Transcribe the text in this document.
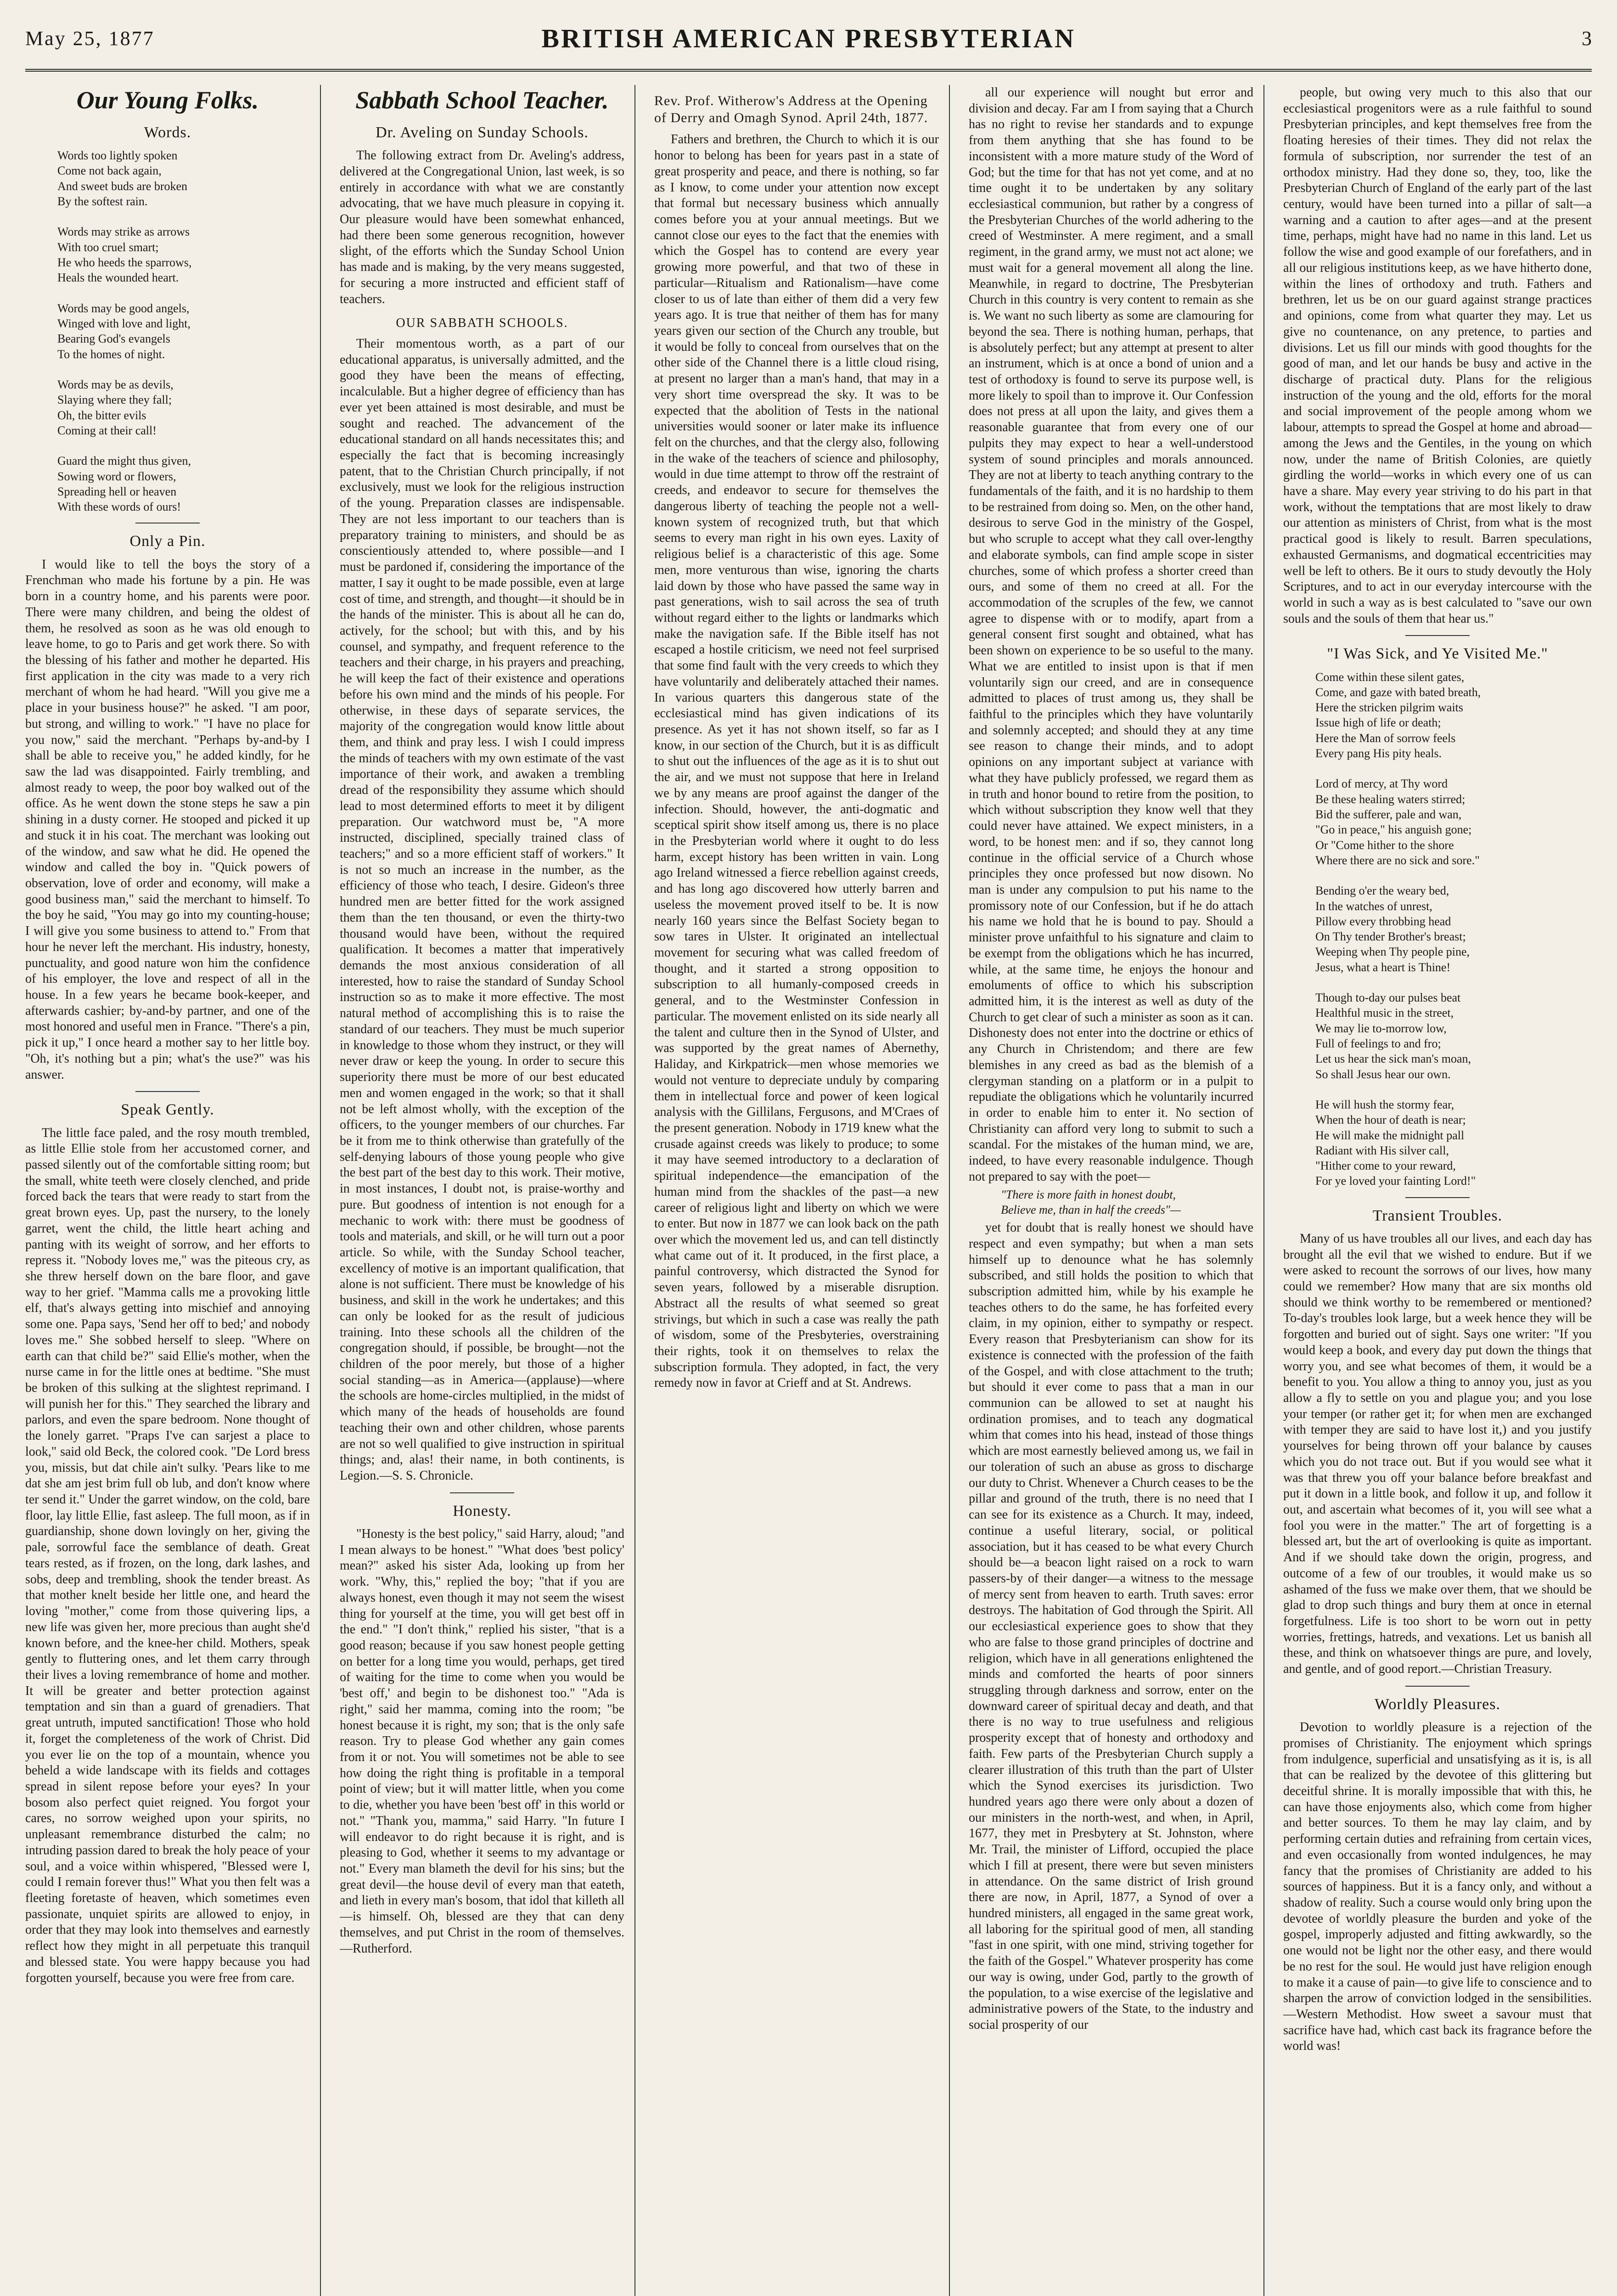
May 25, 1877	BRITISH AMERICAN PRESBYTERIAN	3
Our Young Folks.
Words.
Words too lightly spoken
Come not back again,
And sweet buds are broken
By the softest rain.

Words may strike as arrows
With too cruel smart;
He who heeds the sparrows,
Heals the wounded heart.

Words may be good angels,
Winged with love and light,
Bearing God's evangels
To the homes of night.

Words may be as devils,
Slaying where they fall;
Oh, the bitter evils
Coming at their call!

Guard the might thus given,
Sowing word or flowers,
Spreading hell or heaven
With these words of ours!
Only a Pin.

I would like to tell the boys the story of a Frenchman who made his fortune by a pin. He was born in a country home, and his parents were poor. There were many children, and being the oldest of them, he resolved as soon as he was old enough to leave home, to go to Paris and get work there. So with the blessing of his father and mother he departed. His first application in the city was made to a very rich merchant of whom he had heard. "Will you give me a place in your business house?" he asked. "I am poor, but strong, and willing to work." "I have no place for you now," said the merchant. "Perhaps by-and-by I shall be able to receive you," he added kindly, for he saw the lad was disappointed. Fairly trembling, and almost ready to weep, the poor boy walked out of the office. As he went down the stone steps he saw a pin shining in a dusty corner. He stooped and picked it up and stuck it in his coat. The merchant was looking out of the window, and saw what he did. He opened the window and called the boy in. "Quick powers of observation, love of order and economy, will make a good business man," said the merchant to himself. To the boy he said, "You may go into my counting-house; I will give you some business to attend to." From that hour he never left the merchant. His industry, honesty, punctuality, and good nature won him the confidence of his employer, the love and respect of all in the house. In a few years he became book-keeper, and afterwards cashier; by-and-by partner, and one of the most honored and useful men in France. "There's a pin, pick it up," I once heard a mother say to her little boy. "Oh, it's nothing but a pin; what's the use?" was his answer.

Speak Gently.

The little face paled, and the rosy mouth trembled, as little Ellie stole from her accustomed corner, and passed silently out of the comfortable sitting room; but the small, white teeth were closely clenched, and pride forced back the tears that were ready to start from the great brown eyes. Up, past the nursery, to the lonely garret, went the child, the little heart aching and panting with its weight of sorrow, and her efforts to repress it. "Nobody loves me," was the piteous cry, as she threw herself down on the bare floor, and gave way to her grief. "Mamma calls me a provoking little elf, that's always getting into mischief and annoying some one. Papa says, 'Send her off to bed;' and nobody loves me." She sobbed herself to sleep. "Where on earth can that child be?" said Ellie's mother, when the nurse came in for the little ones at bedtime. "She must be broken of this sulking at the slightest reprimand. I will punish her for this." They searched the library and parlors, and even the spare bedroom. None thought of the lonely garret. "Praps I've can sarjest a place to look," said old Beck, the colored cook. "De Lord bress you, missis, but dat chile ain't sulky. 'Pears like to me dat she am jest brim full ob lub, and don't know where ter send it." Under the garret window, on the cold, bare floor, lay little Ellie, fast asleep. The full moon, as if in guardianship, shone down lovingly on her, giving the pale, sorrowful face the semblance of death. Great tears rested, as if frozen, on the long, dark lashes, and sobs, deep and trembling, shook the tender breast. As that mother knelt beside her little one, and heard the loving "mother," come from those quivering lips, a new life was given her, more precious than aught she'd known before, and the knee-her child. Mothers, speak gently to fluttering ones, and let them carry through their lives a loving remembrance of home and mother. It will be greater and better protection against temptation and sin than a guard of grenadiers. That great untruth, imputed sanctification! Those who hold it, forget the completeness of the work of Christ. Did you ever lie on the top of a mountain, whence you beheld a wide landscape with its fields and cottages spread in silent repose before your eyes? In your bosom also perfect quiet reigned. You forgot your cares, no sorrow weighed upon your spirits, no unpleasant remembrance disturbed the calm; no intruding passion dared to break the holy peace of your soul, and a voice within whispered, "Blessed were I, could I remain forever thus!" What you then felt was a fleeting foretaste of heaven, which sometimes even passionate, unquiet spirits are allowed to enjoy, in order that they may look into themselves and earnestly reflect how they might in all perpetuate this tranquil and blessed state. You were happy because you had forgotten yourself, because you were free from care.

Sabbath School Teacher.
Dr. Aveling on Sunday Schools.

The following extract from Dr. Aveling's address, delivered at the Congregational Union, last week, is so entirely in accordance with what we are constantly advocating, that we have much pleasure in copying it. Our pleasure would have been somewhat enhanced, had there been some generous recognition, however slight, of the efforts which the Sunday School Union has made and is making, by the very means suggested, for securing a more instructed and efficient staff of teachers.

OUR SABBATH SCHOOLS.

Their momentous worth, as a part of our educational apparatus, is universally admitted, and the good they have been the means of effecting, incalculable. But a higher degree of efficiency than has ever yet been attained is most desirable, and must be sought and reached. The advancement of the educational standard on all hands necessitates this; and especially the fact that is becoming increasingly patent, that to the Christian Church principally, if not exclusively, must we look for the religious instruction of the young. Preparation classes are indispensable. They are not less important to our teachers than is preparatory training to ministers, and should be as conscientiously attended to, where possible—and I must be pardoned if, considering the importance of the matter, I say it ought to be made possible, even at large cost of time, and strength, and thought—it should be in the hands of the minister. This is about all he can do, actively, for the school; but with this, and by his counsel, and sympathy, and frequent reference to the teachers and their charge, in his prayers and preaching, he will keep the fact of their existence and operations before his own mind and the minds of his people. For otherwise, in these days of separate services, the majority of the congregation would know little about them, and think and pray less. I wish I could impress the minds of teachers with my own estimate of the vast importance of their work, and awaken a trembling dread of the responsibility they assume which should lead to most determined efforts to meet it by diligent preparation. Our watchword must be, "A more instructed, disciplined, specially trained class of teachers;" and so a more efficient staff of workers." It is not so much an increase in the number, as the efficiency of those who teach, I desire. Gideon's three hundred men are better fitted for the work assigned them than the ten thousand, or even the thirty-two thousand would have been, without the required qualification. It becomes a matter that imperatively demands the most anxious consideration of all interested, how to raise the standard of Sunday School instruction so as to make it more effective. The most natural method of accomplishing this is to raise the standard of our teachers. They must be much superior in knowledge to those whom they instruct, or they will never draw or keep the young. In order to secure this superiority there must be more of our best educated men and women engaged in the work; so that it shall not be left almost wholly, with the exception of the officers, to the younger members of our churches. Far be it from me to think otherwise than gratefully of the self-denying labours of those young people who give the best part of the best day to this work. Their motive, in most instances, I doubt not, is praise-worthy and pure. But goodness of intention is not enough for a mechanic to work with: there must be goodness of tools and materials, and skill, or he will turn out a poor article. So while, with the Sunday School teacher, excellency of motive is an important qualification, that alone is not sufficient. There must be knowledge of his business, and skill in the work he undertakes; and this can only be looked for as the result of judicious training. Into these schools all the children of the congregation should, if possible, be brought—not the children of the poor merely, but those of a higher social standing—as in America—(applause)—where the schools are home-circles multiplied, in the midst of which many of the heads of households are found teaching their own and other children, whose parents are not so well qualified to give instruction in spiritual things; and, alas! their name, in both continents, is Legion.—S. S. Chronicle.

Honesty.

"Honesty is the best policy," said Harry, aloud; "and I mean always to be honest." "What does 'best policy' mean?" asked his sister Ada, looking up from her work. "Why, this," replied the boy; "that if you are always honest, even though it may not seem the wisest thing for yourself at the time, you will get best off in the end." "I don't think," replied his sister, "that is a good reason; because if you saw honest people getting on better for a long time you would, perhaps, get tired of waiting for the time to come when you would be 'best off,' and begin to be dishonest too." "Ada is right," said her mamma, coming into the room; "be honest because it is right, my son; that is the only safe reason. Try to please God whether any gain comes from it or not. You will sometimes not be able to see how doing the right thing is profitable in a temporal point of view; but it will matter little, when you come to die, whether you have been 'best off' in this world or not." "Thank you, mamma," said Harry. "In future I will endeavor to do right because it is right, and is pleasing to God, whether it seems to my advantage or not." Every man blameth the devil for his sins; but the great devil—the house devil of every man that eateth, and lieth in every man's bosom, that idol that killeth all—is himself. Oh, blessed are they that can deny themselves, and put Christ in the room of themselves.—Rutherford.

Rev. Prof. Witherow's Address at the Opening of Derry and Omagh Synod. April 24th, 1877.

Fathers and brethren, the Church to which it is our honor to belong has been for years past in a state of great prosperity and peace, and there is nothing, so far as I know, to come under your attention now except that formal but necessary business which annually comes before you at your annual meetings. But we cannot close our eyes to the fact that the enemies with which the Gospel has to contend are every year growing more powerful, and that two of these in particular—Ritualism and Rationalism—have come closer to us of late than either of them did a very few years ago. It is true that neither of them has for many years given our section of the Church any trouble, but it would be folly to conceal from ourselves that on the other side of the Channel there is a little cloud rising, at present no larger than a man's hand, that may in a very short time overspread the sky. It was to be expected that the abolition of Tests in the national universities would sooner or later make its influence felt on the churches, and that the clergy also, following in the wake of the teachers of science and philosophy, would in due time attempt to throw off the restraint of creeds, and endeavor to secure for themselves the dangerous liberty of teaching the people not a well-known system of recognized truth, but that which seems to every man right in his own eyes. Laxity of religious belief is a characteristic of this age. Some men, more venturous than wise, ignoring the charts laid down by those who have passed the same way in past generations, wish to sail across the sea of truth without regard either to the lights or landmarks which make the navigation safe. If the Bible itself has not escaped a hostile criticism, we need not feel surprised that some find fault with the very creeds to which they have voluntarily and deliberately attached their names. In various quarters this dangerous state of the ecclesiastical mind has given indications of its presence. As yet it has not shown itself, so far as I know, in our section of the Church, but it is as difficult to shut out the influences of the age as it is to shut out the air, and we must not suppose that here in Ireland we by any means are proof against the danger of the infection. Should, however, the anti-dogmatic and sceptical spirit show itself among us, there is no place in the Presbyterian world where it ought to do less harm, except history has been written in vain. Long ago Ireland witnessed a fierce rebellion against creeds, and has long ago discovered how utterly barren and useless the movement proved itself to be. It is now nearly 160 years since the Belfast Society began to sow tares in Ulster. It originated an intellectual movement for securing what was called freedom of thought, and it started a strong opposition to subscription to all humanly-composed creeds in general, and to the Westminster Confession in particular. The movement enlisted on its side nearly all the talent and culture then in the Synod of Ulster, and was supported by the great names of Abernethy, Haliday, and Kirkpatrick—men whose memories we would not venture to depreciate unduly by comparing them in intellectual force and power of keen logical analysis with the Gillilans, Fergusons, and M'Craes of the present generation. Nobody in 1719 knew what the crusade against creeds was likely to produce; to some it may have seemed introductory to a declaration of spiritual independence—the emancipation of the human mind from the shackles of the past—a new career of religious light and liberty on which we were to enter. But now in 1877 we can look back on the path over which the movement led us, and can tell distinctly what came out of it. It produced, in the first place, a painful controversy, which distracted the Synod for seven years, followed by a miserable disruption. Abstract all the results of what seemed so great strivings, but which in such a case was really the path of wisdom, some of the Presbyteries, overstraining their rights, took it on themselves to relax the subscription formula. They adopted, in fact, the very remedy now in favor at Crieff and at St. Andrews.

all our experience will nought but error and division and decay. Far am I from saying that a Church has no right to revise her standards and to expunge from them anything that she has found to be inconsistent with a more mature study of the Word of God; but the time for that has not yet come, and at no time ought it to be undertaken by any solitary ecclesiastical communion, but rather by a congress of the Presbyterian Churches of the world adhering to the creed of Westminster. A mere regiment, and a small regiment, in the grand army, we must not act alone; we must wait for a general movement all along the line. Meanwhile, in regard to doctrine, The Presbyterian Church in this country is very content to remain as she is. We want no such liberty as some are clamouring for beyond the sea. There is nothing human, perhaps, that is absolutely perfect; but any attempt at present to alter an instrument, which is at once a bond of union and a test of orthodoxy is found to serve its purpose well, is more likely to spoil than to improve it. Our Confession does not press at all upon the laity, and gives them a reasonable guarantee that from every one of our pulpits they may expect to hear a well-understood system of sound principles and morals announced. They are not at liberty to teach anything contrary to the fundamentals of the faith, and it is no hardship to them to be restrained from doing so. Men, on the other hand, desirous to serve God in the ministry of the Gospel, but who scruple to accept what they call over-lengthy and elaborate symbols, can find ample scope in sister churches, some of which profess a shorter creed than ours, and some of them no creed at all. For the accommodation of the scruples of the few, we cannot agree to dispense with or to modify, apart from a general consent first sought and obtained, what has been shown on experience to be so useful to the many. What we are entitled to insist upon is that if men voluntarily sign our creed, and are in consequence admitted to places of trust among us, they shall be faithful to the principles which they have voluntarily and solemnly accepted; and should they at any time see reason to change their minds, and to adopt opinions on any important subject at variance with what they have publicly professed, we regard them as in truth and honor bound to retire from the position, to which without subscription they know well that they could never have attained. We expect ministers, in a word, to be honest men: and if so, they cannot long continue in the official service of a Church whose principles they once professed but now disown. No man is under any compulsion to put his name to the promissory note of our Confession, but if he do attach his name we hold that he is bound to pay. Should a minister prove unfaithful to his signature and claim to be exempt from the obligations which he has incurred, while, at the same time, he enjoys the honour and emoluments of office to which his subscription admitted him, it is the interest as well as duty of the Church to get clear of such a minister as soon as it can. Dishonesty does not enter into the doctrine or ethics of any Church in Christendom; and there are few blemishes in any creed as bad as the blemish of a clergyman standing on a platform or in a pulpit to repudiate the obligations which he voluntarily incurred in order to enable him to enter it. No section of Christianity can afford very long to submit to such a scandal. For the mistakes of the human mind, we are, indeed, to have every reasonable indulgence. Though not prepared to say with the poet—

"There is more faith in honest doubt,
Believe me, than in half the creeds"—

yet for doubt that is really honest we should have respect and even sympathy; but when a man sets himself up to denounce what he has solemnly subscribed, and still holds the position to which that subscription admitted him, while by his example he teaches others to do the same, he has forfeited every claim, in my opinion, either to sympathy or respect. Every reason that Presbyterianism can show for its existence is connected with the profession of the faith of the Gospel, and with close attachment to the truth; but should it ever come to pass that a man in our communion can be allowed to set at naught his ordination promises, and to teach any dogmatical whim that comes into his head, instead of those things which are most earnestly believed among us, we fail in our toleration of such an abuse as gross to discharge our duty to Christ. Whenever a Church ceases to be the pillar and ground of the truth, there is no need that I can see for its existence as a Church. It may, indeed, continue a useful literary, social, or political association, but it has ceased to be what every Church should be—a beacon light raised on a rock to warn passers-by of their danger—a witness to the message of mercy sent from heaven to earth. Truth saves: error destroys. The habitation of God through the Spirit. All our ecclesiastical experience goes to show that they who are false to those grand principles of doctrine and religion, which have in all generations enlightened the minds and comforted the hearts of poor sinners struggling through darkness and sorrow, enter on the downward career of spiritual decay and death, and that there is no way to true usefulness and religious prosperity except that of honesty and orthodoxy and faith. Few parts of the Presbyterian Church supply a clearer illustration of this truth than the part of Ulster which the Synod exercises its jurisdiction. Two hundred years ago there were only about a dozen of our ministers in the north-west, and when, in April, 1677, they met in Presbytery at St. Johnston, where Mr. Trail, the minister of Lifford, occupied the place which I fill at present, there were but seven ministers in attendance. On the same district of Irish ground there are now, in April, 1877, a Synod of over a hundred ministers, all engaged in the same great work, all laboring for the spiritual good of men, all standing "fast in one spirit, with one mind, striving together for the faith of the Gospel." Whatever prosperity has come our way is owing, under God, partly to the growth of the population, to a wise exercise of the legislative and administrative powers of the State, to the industry and social prosperity of our

people, but owing very much to this also that our ecclesiastical progenitors were as a rule faithful to sound Presbyterian principles, and kept themselves free from the floating heresies of their times. They did not relax the formula of subscription, nor surrender the test of an orthodox ministry. Had they done so, they, too, like the Presbyterian Church of England of the early part of the last century, would have been turned into a pillar of salt—a warning and a caution to after ages—and at the present time, perhaps, might have had no name in this land. Let us follow the wise and good example of our forefathers, and in all our religious institutions keep, as we have hitherto done, within the lines of orthodoxy and truth. Fathers and brethren, let us be on our guard against strange practices and opinions, come from what quarter they may. Let us give no countenance, on any pretence, to parties and divisions. Let us fill our minds with good thoughts for the good of man, and let our hands be busy and active in the discharge of practical duty. Plans for the religious instruction of the young and the old, efforts for the moral and social improvement of the people among whom we labour, attempts to spread the Gospel at home and abroad—among the Jews and the Gentiles, in the young on which now, under the name of British Colonies, are quietly girdling the world—works in which every one of us can have a share. May every year striving to do his part in that work, without the temptations that are most likely to draw our attention as ministers of Christ, from what is the most practical good is likely to result. Barren speculations, exhausted Germanisms, and dogmatical eccentricities may well be left to others. Be it ours to study devoutly the Holy Scriptures, and to act in our everyday intercourse with the world in such a way as is best calculated to "save our own souls and the souls of them that hear us."

"I Was Sick, and Ye Visited Me."
Come within these silent gates,
Come, and gaze with bated breath,
Here the stricken pilgrim waits
Issue high of life or death;
Here the Man of sorrow feels
Every pang His pity heals.

Lord of mercy, at Thy word
Be these healing waters stirred;
Bid the sufferer, pale and wan,
"Go in peace," his anguish gone;
Or "Come hither to the shore
Where there are no sick and sore."

Bending o'er the weary bed,
In the watches of unrest,
Pillow every throbbing head
On Thy tender Brother's breast;
Weeping when Thy people pine,
Jesus, what a heart is Thine!

Though to-day our pulses beat
Healthful music in the street,
We may lie to-morrow low,
Full of feelings to and fro;
Let us hear the sick man's moan,
So shall Jesus hear our own.

He will hush the stormy fear,
When the hour of death is near;
He will make the midnight pall
Radiant with His silver call,
"Hither come to your reward,
For ye loved your fainting Lord!"
Transient Troubles.

Many of us have troubles all our lives, and each day has brought all the evil that we wished to endure. But if we were asked to recount the sorrows of our lives, how many could we remember? How many that are six months old should we think worthy to be remembered or mentioned? To-day's troubles look large, but a week hence they will be forgotten and buried out of sight. Says one writer: "If you would keep a book, and every day put down the things that worry you, and see what becomes of them, it would be a benefit to you. You allow a thing to annoy you, just as you allow a fly to settle on you and plague you; and you lose your temper (or rather get it; for when men are exchanged with temper they are said to have lost it,) and you justify yourselves for being thrown off your balance by causes which you do not trace out. But if you would see what it was that threw you off your balance before breakfast and put it down in a little book, and follow it up, and follow it out, and ascertain what becomes of it, you will see what a fool you were in the matter." The art of forgetting is a blessed art, but the art of overlooking is quite as important. And if we should take down the origin, progress, and outcome of a few of our troubles, it would make us so ashamed of the fuss we make over them, that we should be glad to drop such things and bury them at once in eternal forgetfulness. Life is too short to be worn out in petty worries, frettings, hatreds, and vexations. Let us banish all these, and think on whatsoever things are pure, and lovely, and gentle, and of good report.—Christian Treasury.

Worldly Pleasures.

Devotion to worldly pleasure is a rejection of the promises of Christianity. The enjoyment which springs from indulgence, superficial and unsatisfying as it is, is all that can be realized by the devotee of this glittering but deceitful shrine. It is morally impossible that with this, he can have those enjoyments also, which come from higher and better sources. To them he may lay claim, and by performing certain duties and refraining from certain vices, and even occasionally from wonted indulgences, he may fancy that the promises of Christianity are added to his sources of happiness. But it is a fancy only, and without a shadow of reality. Such a course would only bring upon the devotee of worldly pleasure the burden and yoke of the gospel, improperly adjusted and fitting awkwardly, so the one would not be light nor the other easy, and there would be no rest for the soul. He would just have religion enough to make it a cause of pain—to give life to conscience and to sharpen the arrow of conviction lodged in the sensibilities.—Western Methodist. How sweet a savour must that sacrifice have had, which cast back its fragrance before the world was!
